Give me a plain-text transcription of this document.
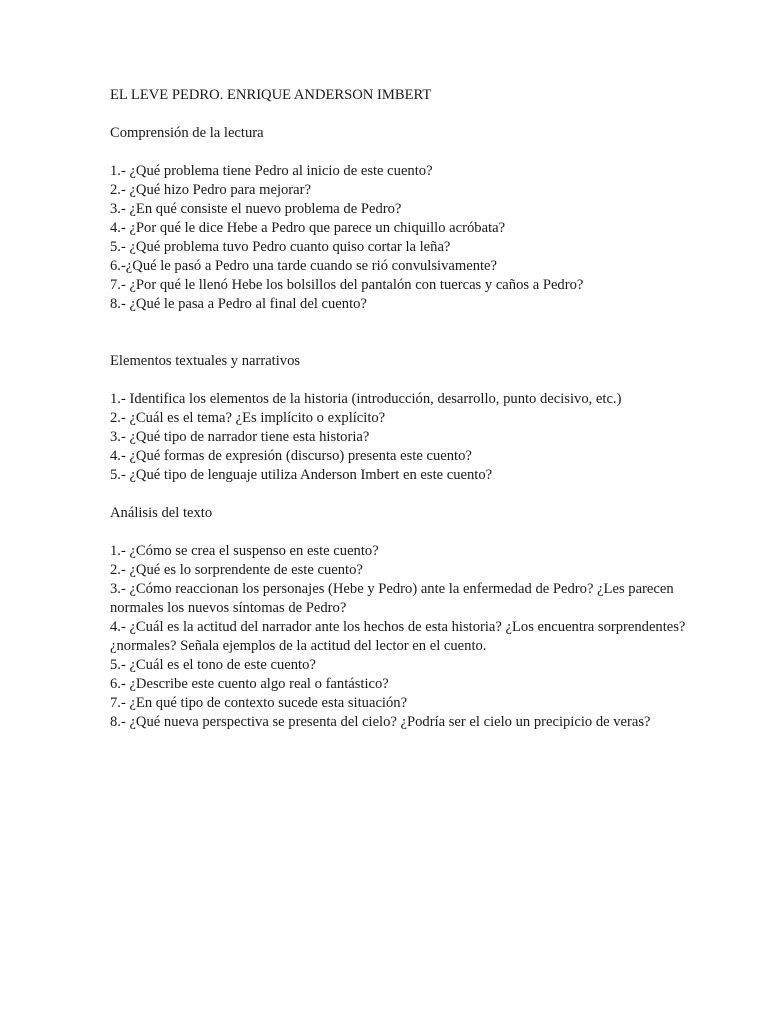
EL LEVE PEDRO. ENRIQUE ANDERSON IMBERT
Comprensión de la lectura
1.- ¿Qué problema tiene Pedro al inicio de este cuento?
2.- ¿Qué hizo Pedro para mejorar?
3.- ¿En qué consiste el nuevo problema de Pedro?
4.- ¿Por qué le dice Hebe a Pedro que parece un chiquillo acróbata?
5.- ¿Qué problema tuvo Pedro cuanto quiso cortar la leña?
6.-¿Qué le pasó a Pedro una tarde cuando se rió convulsivamente?
7.- ¿Por qué le llenó Hebe los bolsillos del pantalón con tuercas y caños a Pedro?
8.- ¿Qué le pasa a Pedro al final del cuento?
Elementos textuales y narrativos
1.- Identifica los elementos de la historia (introducción, desarrollo, punto decisivo, etc.)
2.- ¿Cuál es el tema? ¿Es implícito o explícito?
3.- ¿Qué tipo de narrador tiene esta historia?
4.- ¿Qué formas de expresión (discurso) presenta este cuento?
5.- ¿Qué tipo de lenguaje utiliza Anderson Imbert en este cuento?
Análisis del texto
1.- ¿Cómo se crea el suspenso en este cuento?
2.- ¿Qué es lo sorprendente de este cuento?
3.- ¿Cómo reaccionan los personajes (Hebe y Pedro) ante la enfermedad de Pedro? ¿Les parecen normales los nuevos síntomas de Pedro?
4.- ¿Cuál es la actitud del narrador ante los hechos de esta historia? ¿Los encuentra sorprendentes? ¿normales? Señala ejemplos de la actitud del lector en el cuento.
5.- ¿Cuál es el tono de este cuento?
6.- ¿Describe este cuento algo real o fantástico?
7.- ¿En qué tipo de contexto sucede esta situación?
8.- ¿Qué nueva perspectiva se presenta del cielo? ¿Podría ser el cielo un precipicio de veras?
